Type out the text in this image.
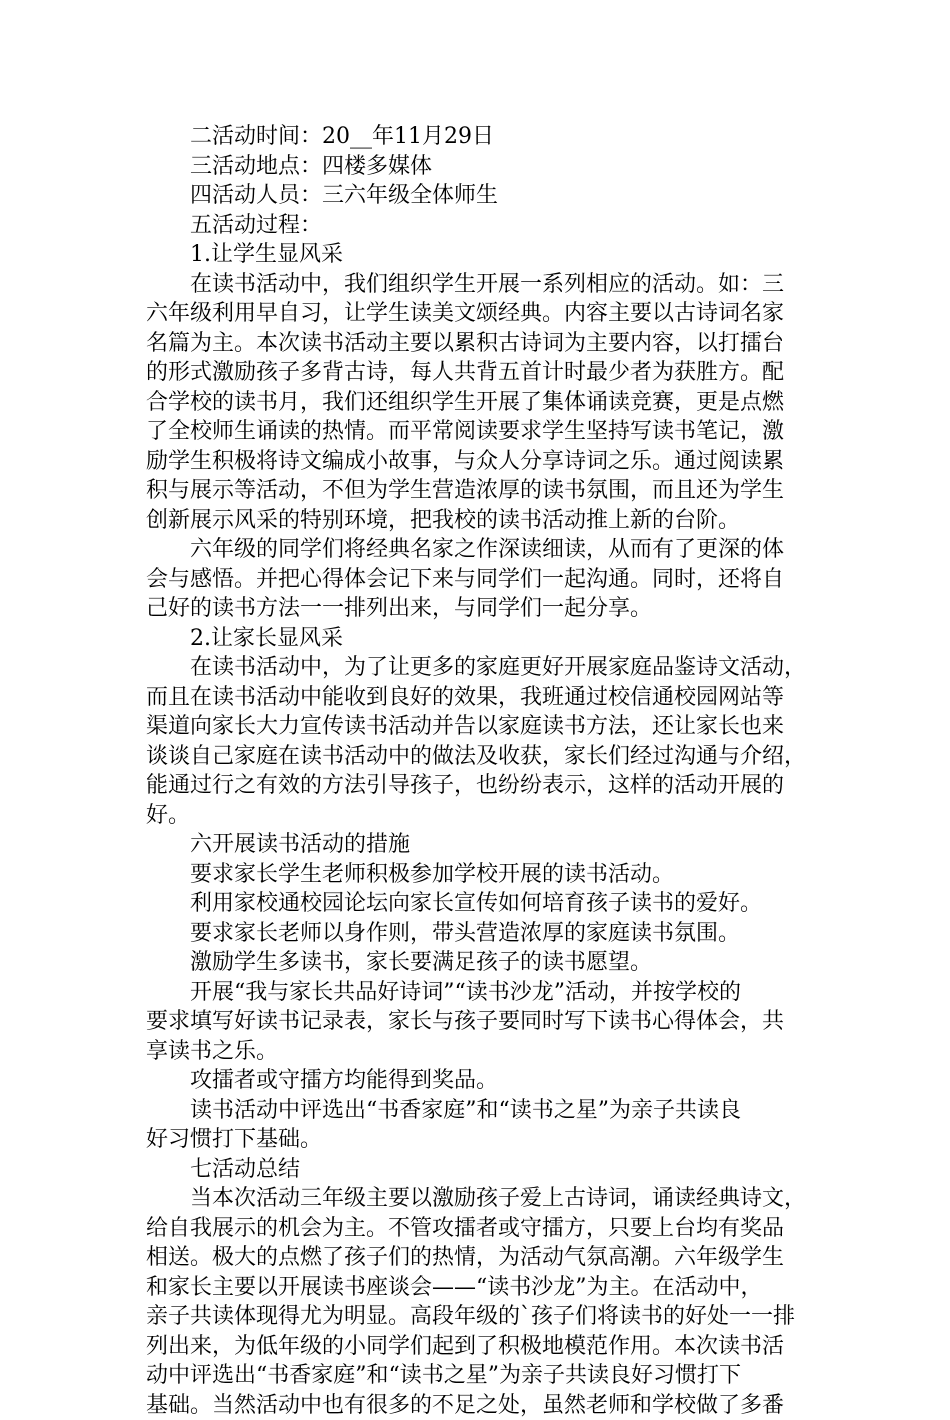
二活动时间：20__年11月29日

三活动地点：四楼多媒体

四活动人员：三六年级全体师生

五活动过程：

1.让学生显风采

在读书活动中，我们组织学生开展一系列相应的活动。如：三

六年级利用早自习，让学生读美文颂经典。内容主要以古诗词名家

名篇为主。本次读书活动主要以累积古诗词为主要内容，以打擂台

的形式激励孩子多背古诗，每人共背五首计时最少者为获胜方。配

合学校的读书月，我们还组织学生开展了集体诵读竞赛，更是点燃

了全校师生诵读的热情。而平常阅读要求学生坚持写读书笔记，激

励学生积极将诗文编成小故事，与众人分享诗词之乐。通过阅读累

积与展示等活动，不但为学生营造浓厚的读书氛围，而且还为学生

创新展示风采的特别环境，把我校的读书活动推上新的台阶。

六年级的同学们将经典名家之作深读细读，从而有了更深的体

会与感悟。并把心得体会记下来与同学们一起沟通。同时，还将自

己好的读书方法一一排列出来，与同学们一起分享。

2.让家长显风采

在读书活动中，为了让更多的家庭更好开展家庭品鉴诗文活动，

而且在读书活动中能收到良好的效果，我班通过校信通校园网站等

渠道向家长大力宣传读书活动并告以家庭读书方法，还让家长也来

谈谈自己家庭在读书活动中的做法及收获，家长们经过沟通与介绍，

能通过行之有效的方法引导孩子，也纷纷表示，这样的活动开展的

好。

六开展读书活动的措施

要求家长学生老师积极参加学校开展的读书活动。

利用家校通校园论坛向家长宣传如何培育孩子读书的爱好。

要求家长老师以身作则，带头营造浓厚的家庭读书氛围。

激励学生多读书，家长要满足孩子的读书愿望。

开展“我与家长共品好诗词”“读书沙龙”活动，并按学校的

要求填写好读书记录表，家长与孩子要同时写下读书心得体会，共

享读书之乐。

攻擂者或守擂方均能得到奖品。

读书活动中评选出“书香家庭”和“读书之星”为亲子共读良

好习惯打下基础。

七活动总结

当本次活动三年级主要以激励孩子爱上古诗词，诵读经典诗文，

给自我展示的机会为主。不管攻擂者或守擂方，只要上台均有奖品

相送。极大的点燃了孩子们的热情，为活动气氛高潮。六年级学生

和家长主要以开展读书座谈会——“读书沙龙”为主。在活动中，

亲子共读体现得尤为明显。高段年级的`孩子们将读书的好处一一排

列出来，为低年级的小同学们起到了积极地模范作用。本次读书活

动中评选出“书香家庭”和“读书之星”为亲子共读良好习惯打下

基础。当然活动中也有很多的不足之处，虽然老师和学校做了多番
